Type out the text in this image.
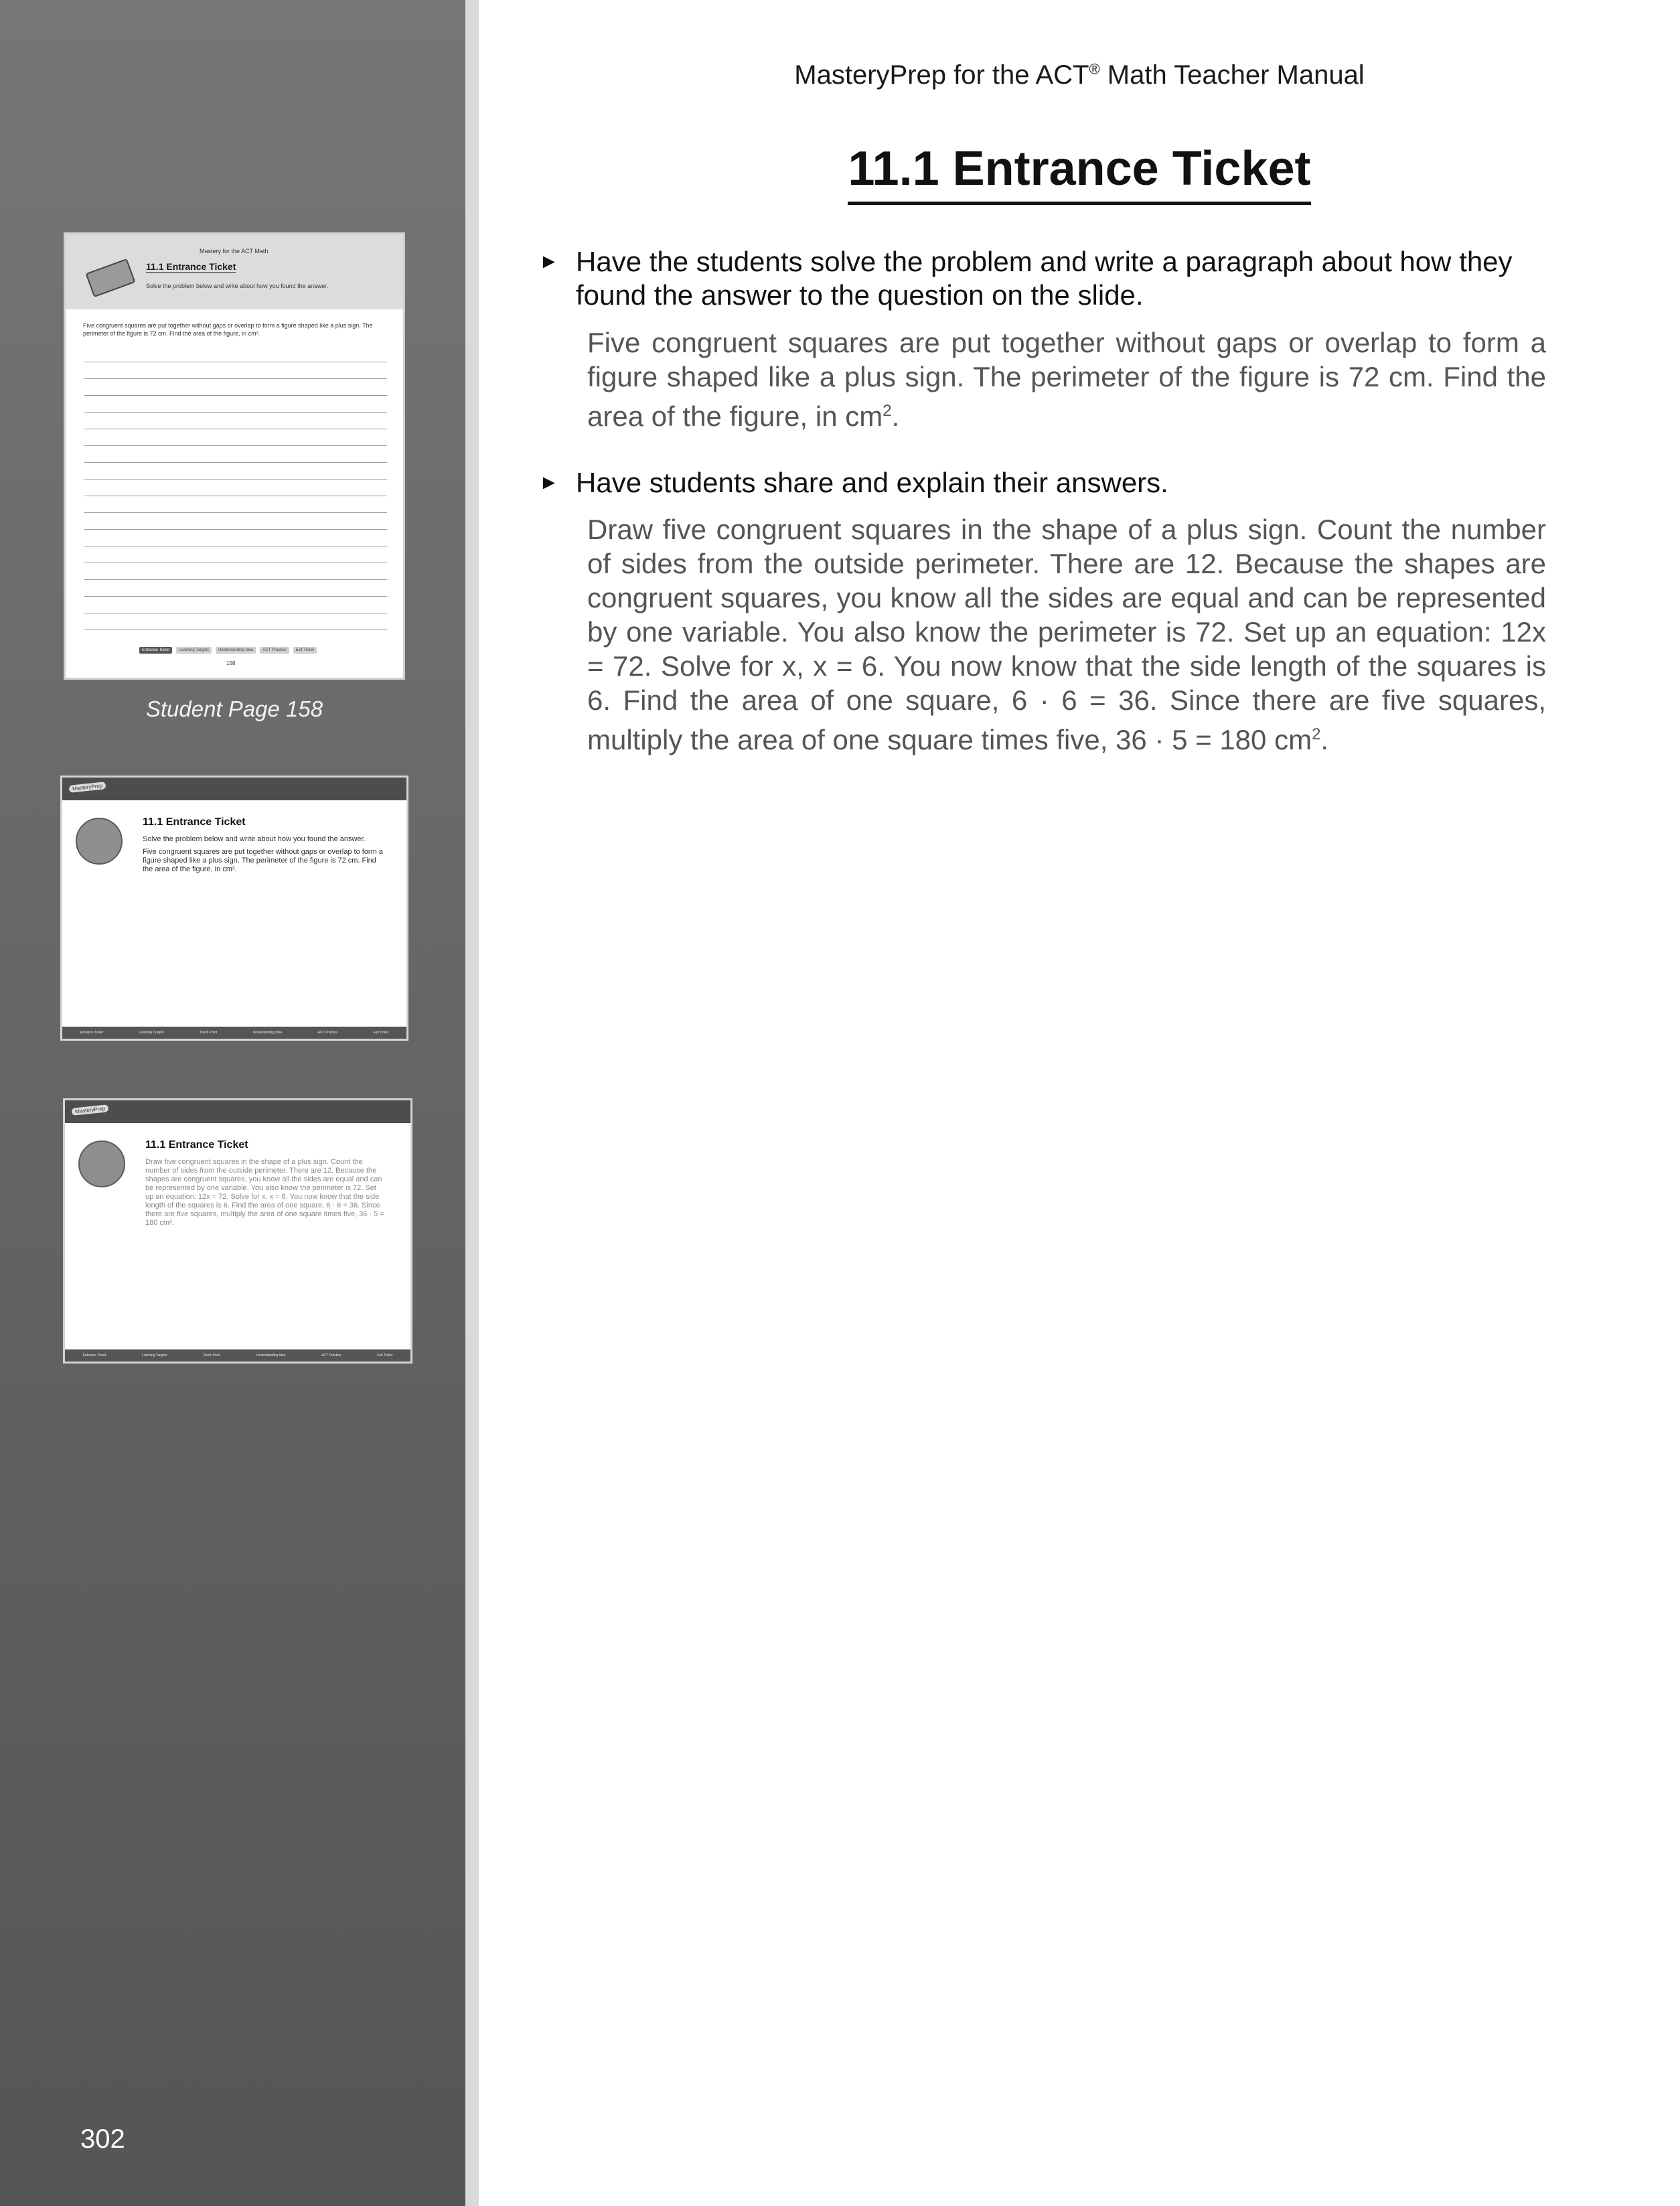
Mastery for the ACT Math
11.1 Entrance Ticket
Solve the problem below and write about how you found the answer.
Five congruent squares are put together without gaps or overlap to form a figure shaped like a plus sign. The perimeter of the figure is 72 cm. Find the area of the figure, in cm².
Entrance Ticket	Learning Targets	Understanding Idea	ACT Practice	Exit Ticket
158
Student Page 158
MasteryPrep
11.1 Entrance Ticket

Solve the problem below and write about how you found the answer.

Five congruent squares are put together without gaps or overlap to form a figure shaped like a plus sign. The perimeter of the figure is 72 cm. Find the area of the figure, in cm².

Entrance Ticket	Learning Targets	Touch Point	Understanding Idea	ACT Practice	Exit Ticket
MasteryPrep
11.1 Entrance Ticket

Draw five congruent squares in the shape of a plus sign. Count the number of sides from the outside perimeter. There are 12. Because the shapes are congruent squares, you know all the sides are equal and can be represented by one variable. You also know the perimeter is 72. Set up an equation: 12x = 72. Solve for x, x = 6. You now know that the side length of the squares is 6. Find the area of one square, 6 · 6 = 36. Since there are five squares, multiply the area of one square times five, 36 · 5 = 180 cm².

Entrance Ticket	Learning Targets	Touch Point	Understanding Idea	ACT Practice	Exit Ticket
302
MasteryPrep for the ACT® Math Teacher Manual
11.1 Entrance Ticket
► Have the students solve the problem and write a paragraph about how they found the answer to the question on the slide.
Five congruent squares are put together without gaps or overlap to form a figure shaped like a plus sign. The perimeter of the figure is 72 cm. Find the area of the figure, in $cm^2$.
► Have students share and explain their answers.
Draw five congruent squares in the shape of a plus sign. Count the number of sides from the outside perimeter. There are 12. Because the shapes are congruent squares, you know all the sides are equal and can be represented by one variable. You also know the perimeter is 72. Set up an equation: 12x = 72. Solve for x, x = 6. You now know that the side length of the squares is 6. Find the area of one square, 6 · 6 = 36. Since there are five squares, multiply the area of one square times five, 36 · 5 = 180 $cm^2$.
